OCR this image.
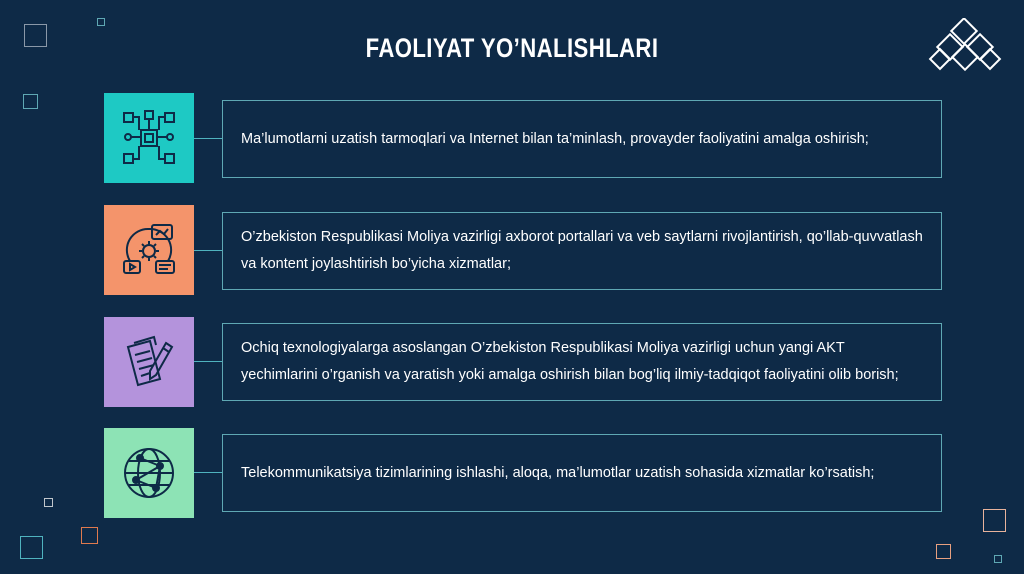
FAOLIYAT YO’NALISHLARI
Ma’lumotlarni uzatish tarmoqlari va Internet bilan ta’minlash, provayder faoliyatini amalga oshirish;
O’zbekiston Respublikasi Moliya vazirligi axborot portallari va veb saytlarni rivojlantirish, qo’llab-quvvatlash va kontent joylashtirish bo’yicha xizmatlar;
Ochiq texnologiyalarga asoslangan O’zbekiston Respublikasi Moliya vazirligi uchun yangi AKT yechimlarini o’rganish va yaratish yoki amalga oshirish bilan bog’liq ilmiy-tadqiqot faoliyatini olib borish;
Telekommunikatsiya tizimlarining ishlashi, aloqa, ma’lumotlar uzatish sohasida xizmatlar ko’rsatish;
